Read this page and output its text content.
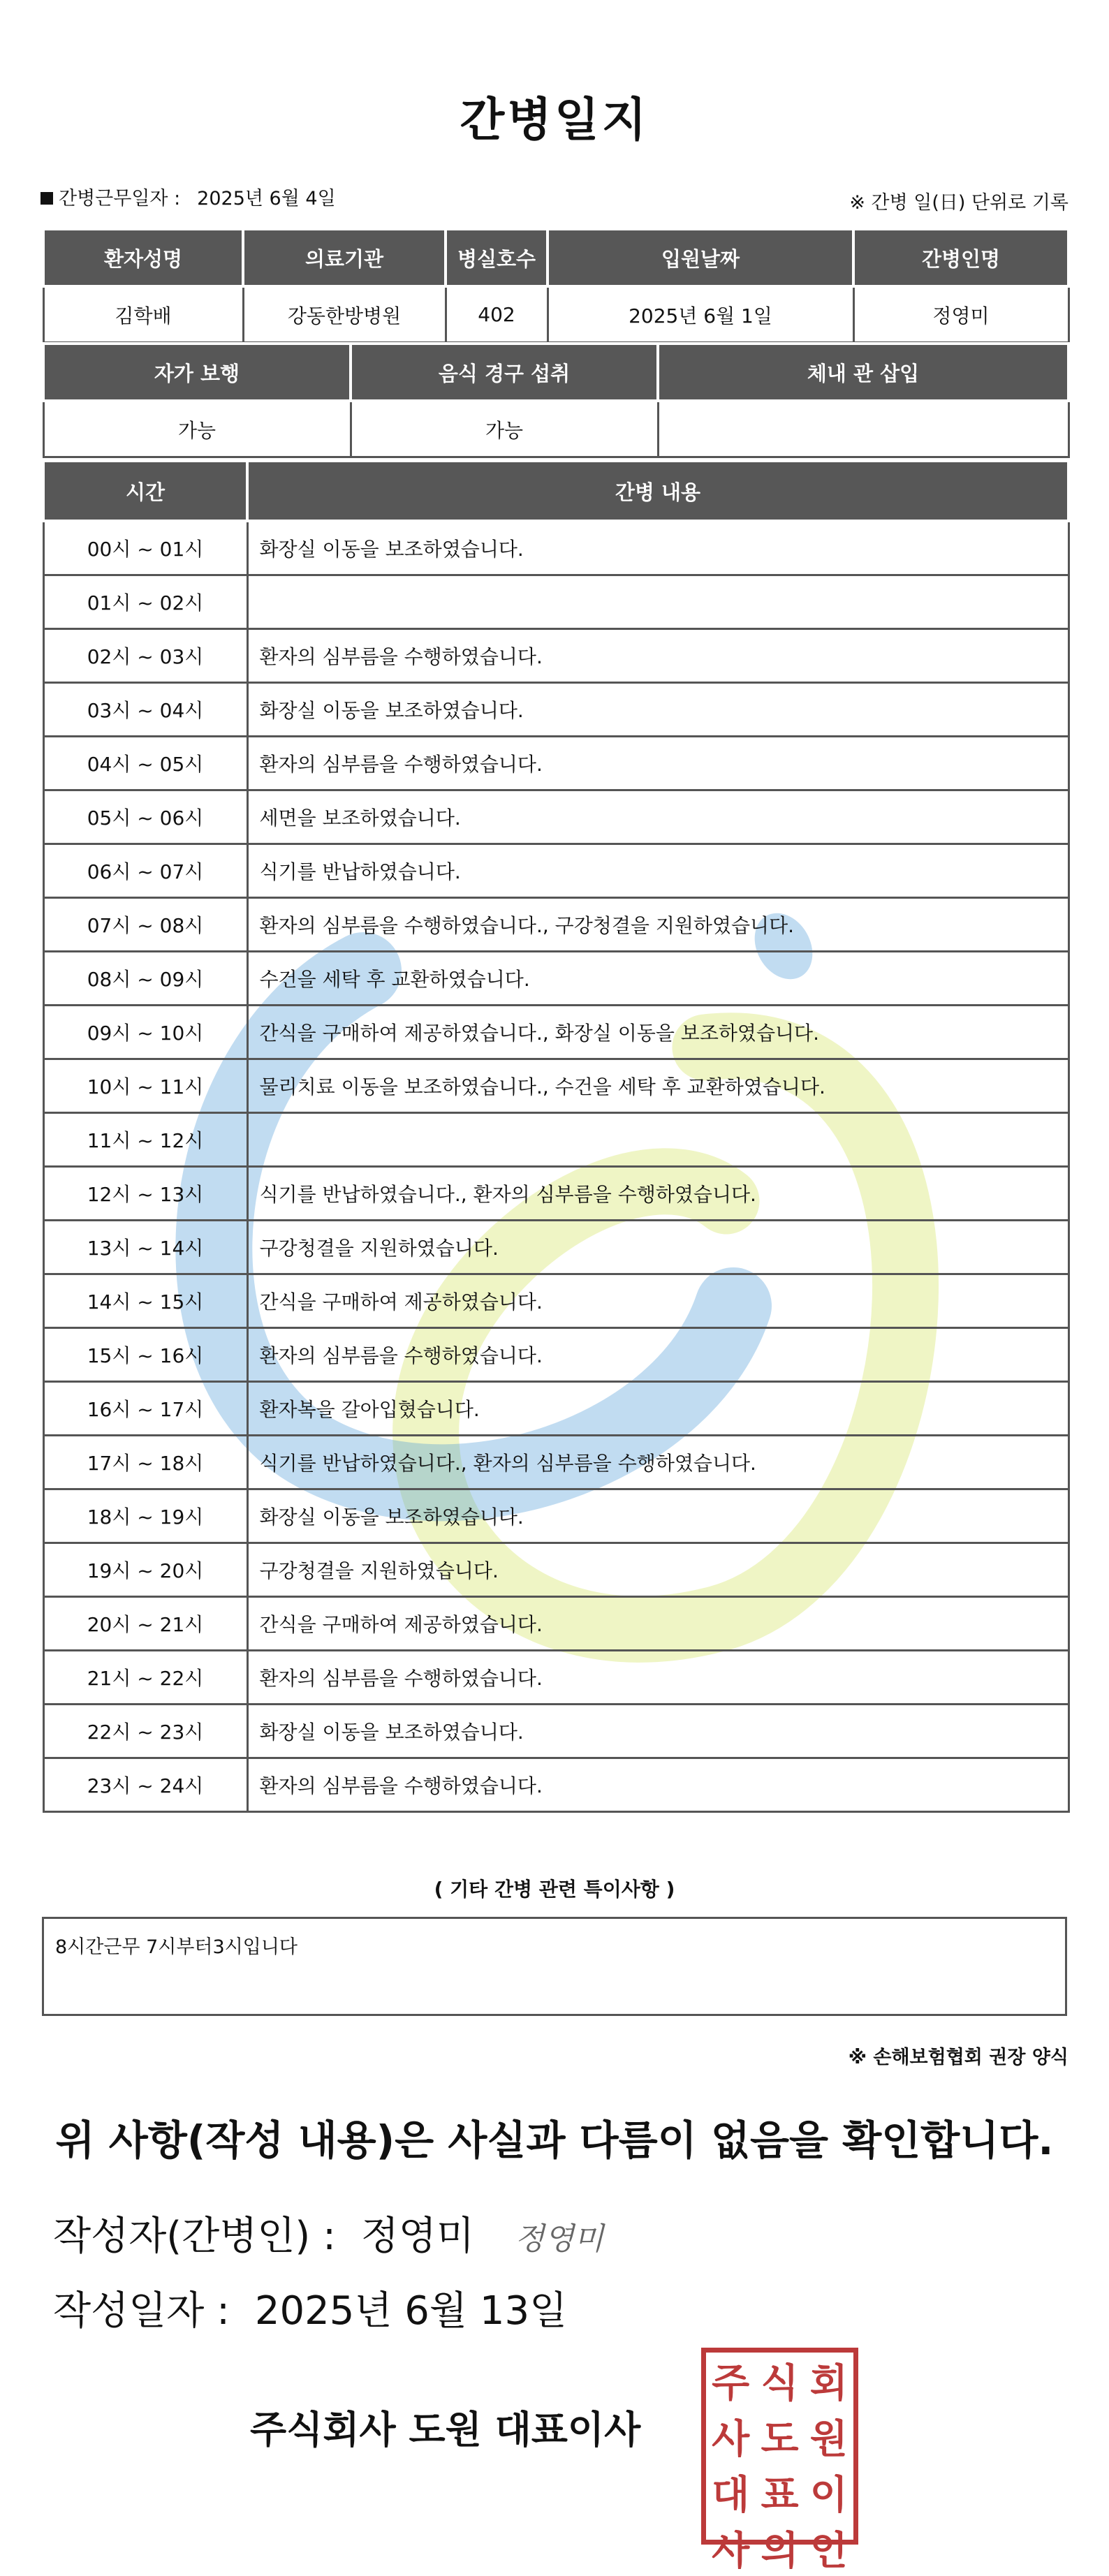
간병일지
간병근무일자 : 2025년 6월 4일	※ 간병 일(日) 단위로 기록
환자성명	의료기관	병실호수	입원날짜	간병인명
김학배	강동한방병원	402	2025년 6월 1일	정영미
자가 보행	음식 경구 섭취	체내 관 삽입
가능	가능	
시간	간병 내용
00시 ~ 01시	화장실 이동을 보조하였습니다.
01시 ~ 02시	
02시 ~ 03시	환자의 심부름을 수행하였습니다.
03시 ~ 04시	화장실 이동을 보조하였습니다.
04시 ~ 05시	환자의 심부름을 수행하였습니다.
05시 ~ 06시	세면을 보조하였습니다.
06시 ~ 07시	식기를 반납하였습니다.
07시 ~ 08시	환자의 심부름을 수행하였습니다., 구강청결을 지원하였습니다.
08시 ~ 09시	수건을 세탁 후 교환하였습니다.
09시 ~ 10시	간식을 구매하여 제공하였습니다., 화장실 이동을 보조하였습니다.
10시 ~ 11시	물리치료 이동을 보조하였습니다., 수건을 세탁 후 교환하였습니다.
11시 ~ 12시	
12시 ~ 13시	식기를 반납하였습니다., 환자의 심부름을 수행하였습니다.
13시 ~ 14시	구강청결을 지원하였습니다.
14시 ~ 15시	간식을 구매하여 제공하였습니다.
15시 ~ 16시	환자의 심부름을 수행하였습니다.
16시 ~ 17시	환자복을 갈아입혔습니다.
17시 ~ 18시	식기를 반납하였습니다., 환자의 심부름을 수행하였습니다.
18시 ~ 19시	화장실 이동을 보조하였습니다.
19시 ~ 20시	구강청결을 지원하였습니다.
20시 ~ 21시	간식을 구매하여 제공하였습니다.
21시 ~ 22시	환자의 심부름을 수행하였습니다.
22시 ~ 23시	화장실 이동을 보조하였습니다.
23시 ~ 24시	환자의 심부름을 수행하였습니다.
( 기타 간병 관련 특이사항 )
8시간근무 7시부터3시입니다
※ 손해보험협회 권장 양식
위 사항(작성 내용)은 사실과 다름이 없음을 확인합니다.
작성자(간병인) : 정영미 정영미
작성일자 : 2025년 6월 13일
주식회사 도원 대표이사
주 식 회
사 도 원
대 표 이
사 의 인
